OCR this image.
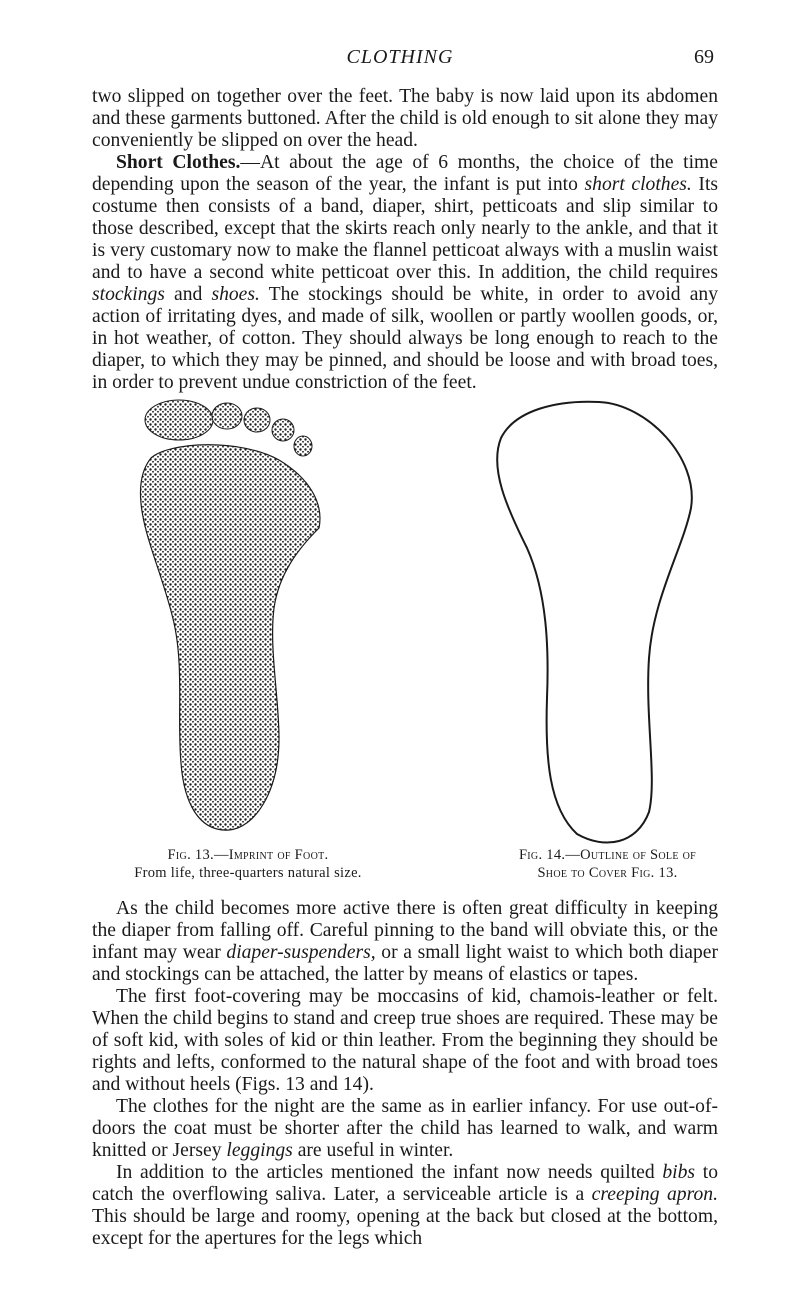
CLOTHING	69

two slipped on together over the feet. The baby is now laid upon its abdomen and these garments buttoned. After the child is old enough to sit alone they may conveniently be slipped on over the head.

Short Clothes.—At about the age of 6 months, the choice of the time depending upon the season of the year, the infant is put into short clothes. Its costume then consists of a band, diaper, shirt, petticoats and slip similar to those described, except that the skirts reach only nearly to the ankle, and that it is very customary now to make the flannel petticoat always with a muslin waist and to have a second white petticoat over this. In addition, the child requires stockings and shoes. The stockings should be white, in order to avoid any action of irritating dyes, and made of silk, woollen or partly woollen goods, or, in hot weather, of cotton. They should always be long enough to reach to the diaper, to which they may be pinned, and should be loose and with broad toes, in order to prevent undue constriction of the feet.

Fig. 13.—Imprint of Foot.
From life, three-quarters natural size.
Fig. 14.—Outline of Sole of
Shoe to Cover Fig. 13.

As the child becomes more active there is often great difficulty in keeping the diaper from falling off. Careful pinning to the band will obviate this, or the infant may wear diaper-suspenders, or a small light waist to which both diaper and stockings can be attached, the latter by means of elastics or tapes.

The first foot-covering may be moccasins of kid, chamois-leather or felt. When the child begins to stand and creep true shoes are required. These may be of soft kid, with soles of kid or thin leather. From the beginning they should be rights and lefts, conformed to the natural shape of the foot and with broad toes and without heels (Figs. 13 and 14).

The clothes for the night are the same as in earlier infancy. For use out-of-doors the coat must be shorter after the child has learned to walk, and warm knitted or Jersey leggings are useful in winter.

In addition to the articles mentioned the infant now needs quilted bibs to catch the overflowing saliva. Later, a serviceable article is a creeping apron. This should be large and roomy, opening at the back but closed at the bottom, except for the apertures for the legs which
